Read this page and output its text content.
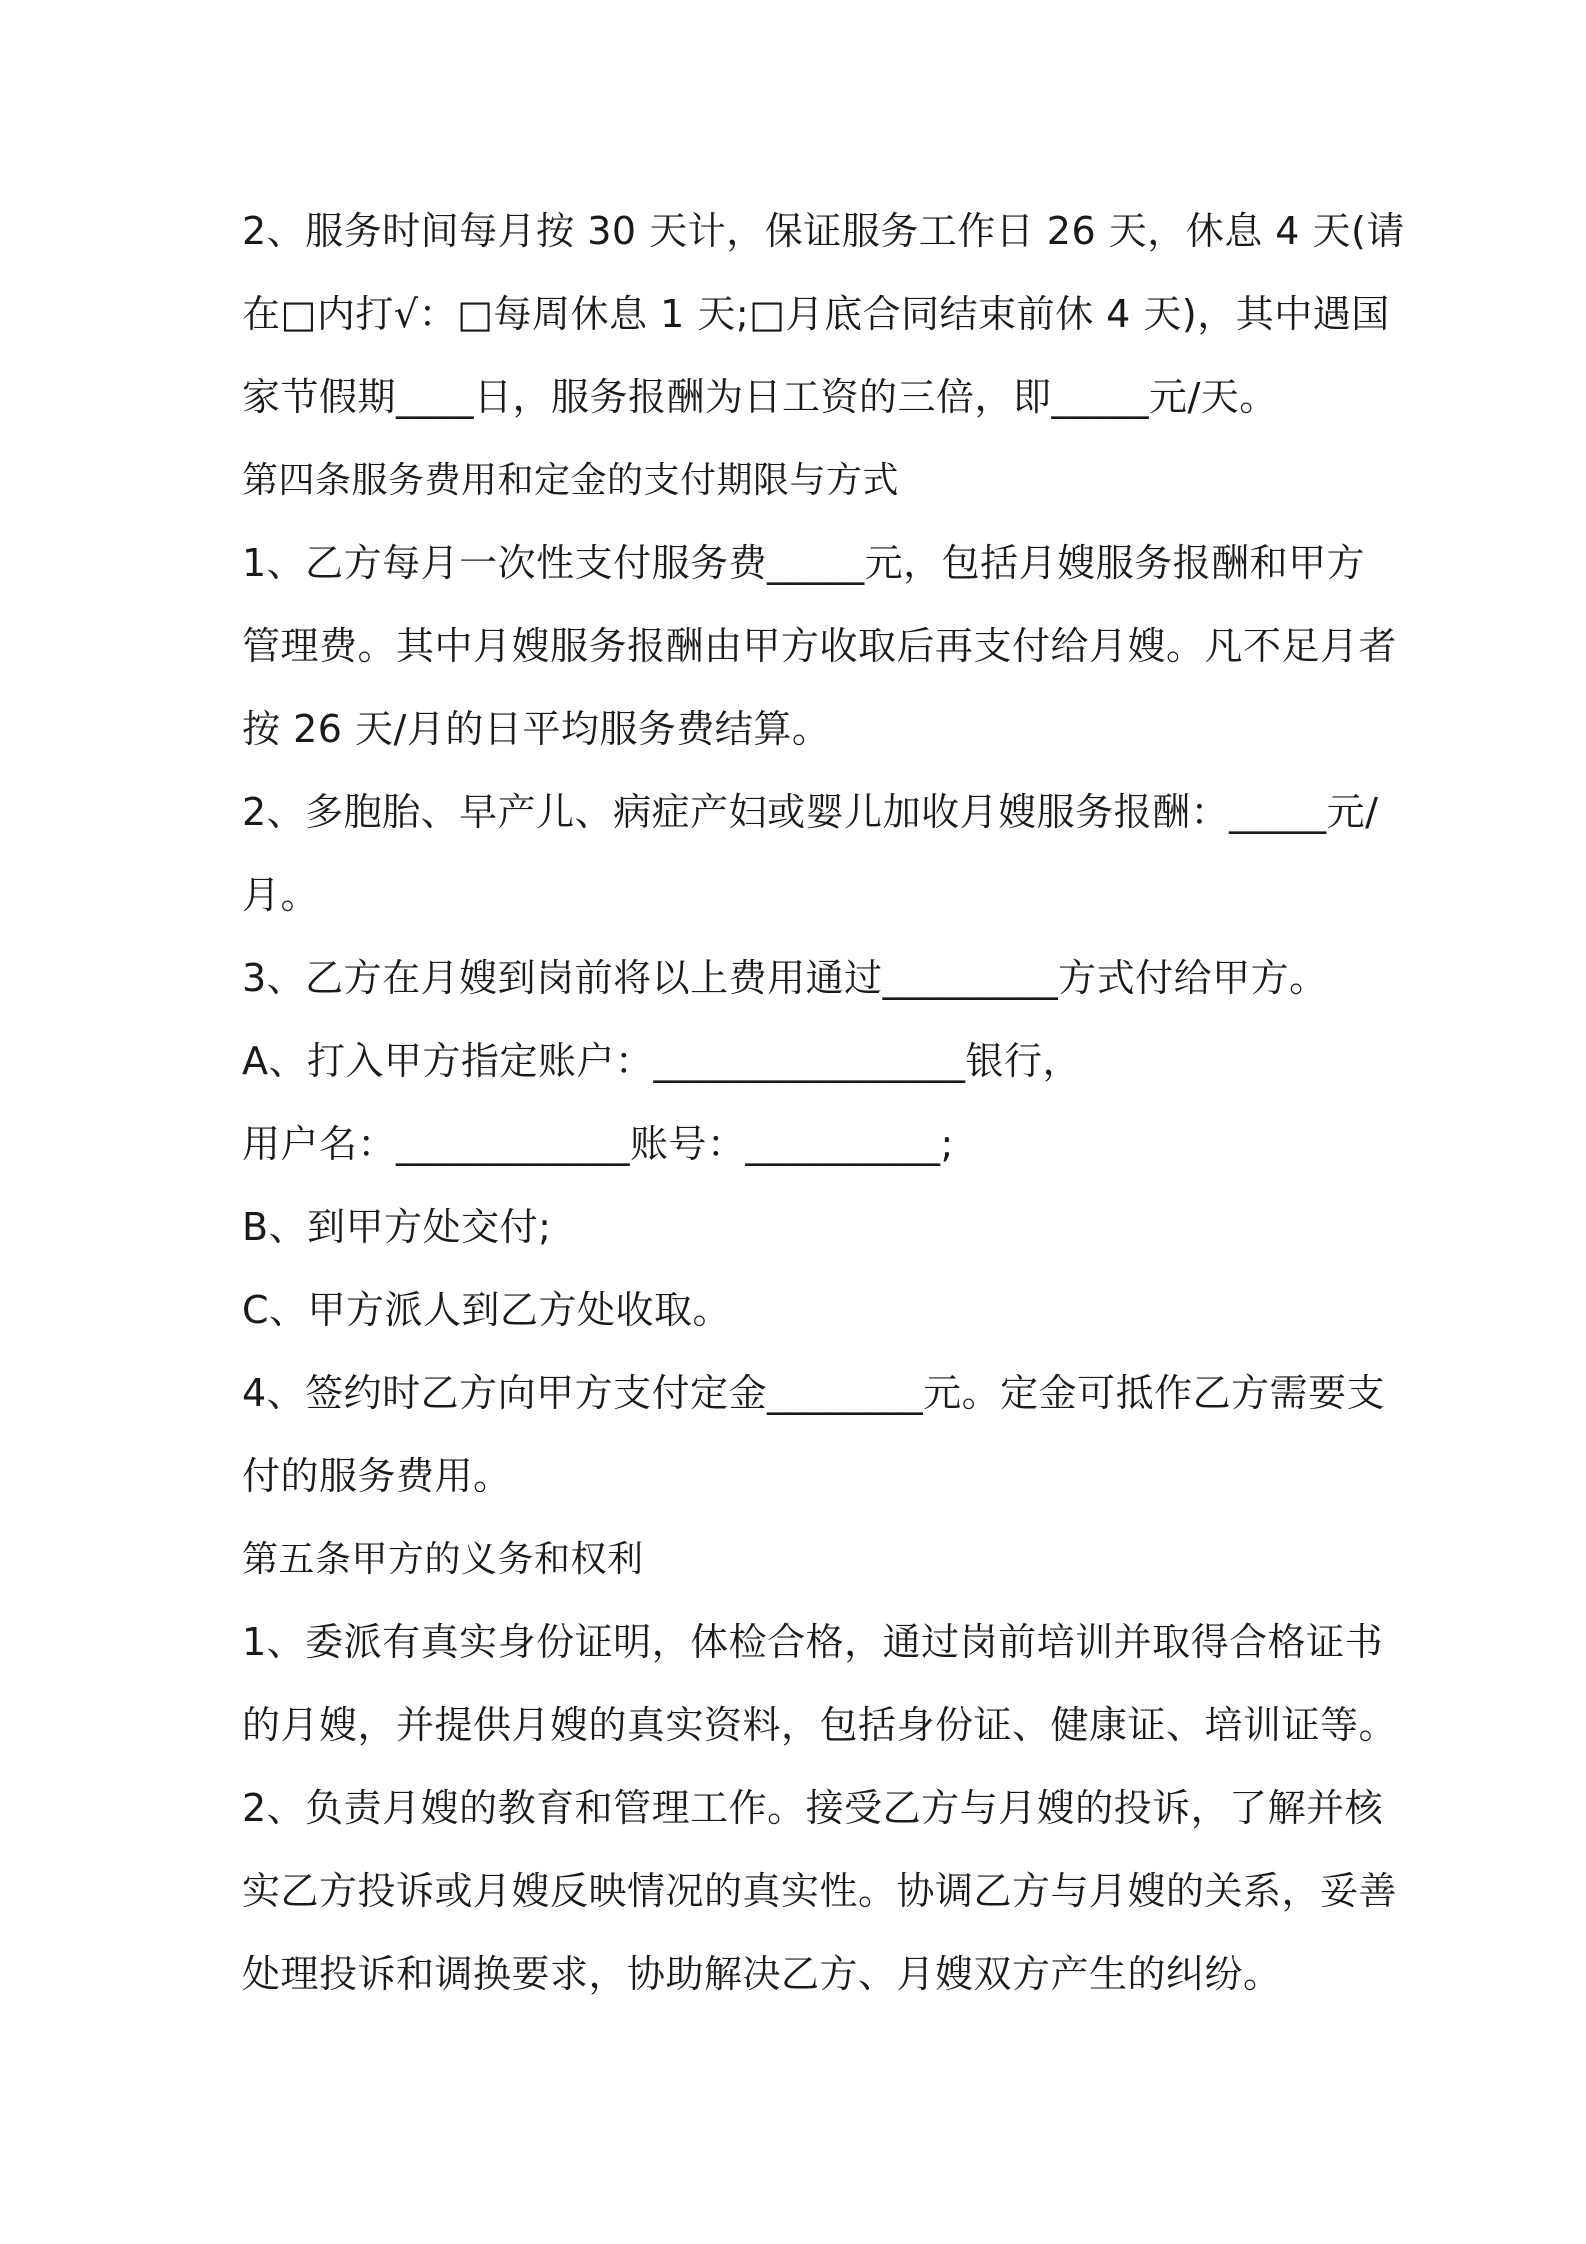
2、服务时间每月按 30 天计，保证服务工作日 26 天，休息 4 天(请
在□内打√：□每周休息 1 天;□月底合同结束前休 4 天)，其中遇国
家节假期____日，服务报酬为日工资的三倍，即_____元/天。

第四条服务费用和定金的支付期限与方式

1、乙方每月一次性支付服务费_____元，包括月嫂服务报酬和甲方
管理费。其中月嫂服务报酬由甲方收取后再支付给月嫂。凡不足月者
按 26 天/月的日平均服务费结算。

2、多胞胎、早产儿、病症产妇或婴儿加收月嫂服务报酬：_____元/
月。

3、乙方在月嫂到岗前将以上费用通过_________方式付给甲方。

A、打入甲方指定账户：________________银行，

用户名：____________账号：__________;

B、到甲方处交付;

C、甲方派人到乙方处收取。

4、签约时乙方向甲方支付定金________元。定金可抵作乙方需要支
付的服务费用。

第五条甲方的义务和权利

1、委派有真实身份证明，体检合格，通过岗前培训并取得合格证书
的月嫂，并提供月嫂的真实资料，包括身份证、健康证、培训证等。

2、负责月嫂的教育和管理工作。接受乙方与月嫂的投诉，了解并核
实乙方投诉或月嫂反映情况的真实性。协调乙方与月嫂的关系，妥善
处理投诉和调换要求，协助解决乙方、月嫂双方产生的纠纷。
